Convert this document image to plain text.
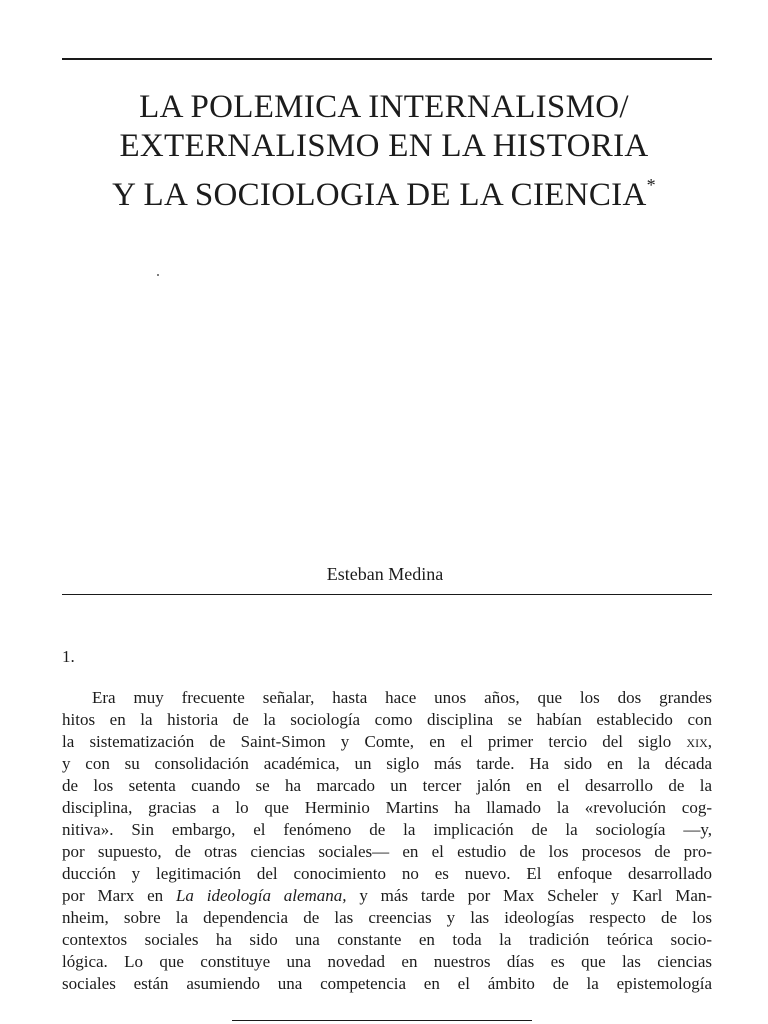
LA POLEMICA INTERNALISMO/
EXTERNALISMO EN LA HISTORIA
Y LA SOCIOLOGIA DE LA CIENCIA*
Esteban Medina
1.
Era muy frecuente señalar, hasta hace unos años, que los dos grandes
hitos en la historia de la sociología como disciplina se habían establecido con
la sistematización de Saint-Simon y Comte, en el primer tercio del siglo xix,
y con su consolidación académica, un siglo más tarde. Ha sido en la década
de los setenta cuando se ha marcado un tercer jalón en el desarrollo de la
disciplina, gracias a lo que Herminio Martins ha llamado la «revolución cog-
nitiva». Sin embargo, el fenómeno de la implicación de la sociología —y,
por supuesto, de otras ciencias sociales— en el estudio de los procesos de pro-
ducción y legitimación del conocimiento no es nuevo. El enfoque desarrollado
por Marx en La ideología alemana, y más tarde por Max Scheler y Karl Man-
nheim, sobre la dependencia de las creencias y las ideologías respecto de los
contextos sociales ha sido una constante en toda la tradición teórica socio-
lógica. Lo que constituye una novedad en nuestros días es que las ciencias
sociales están asumiendo una competencia en el ámbito de la epistemología
